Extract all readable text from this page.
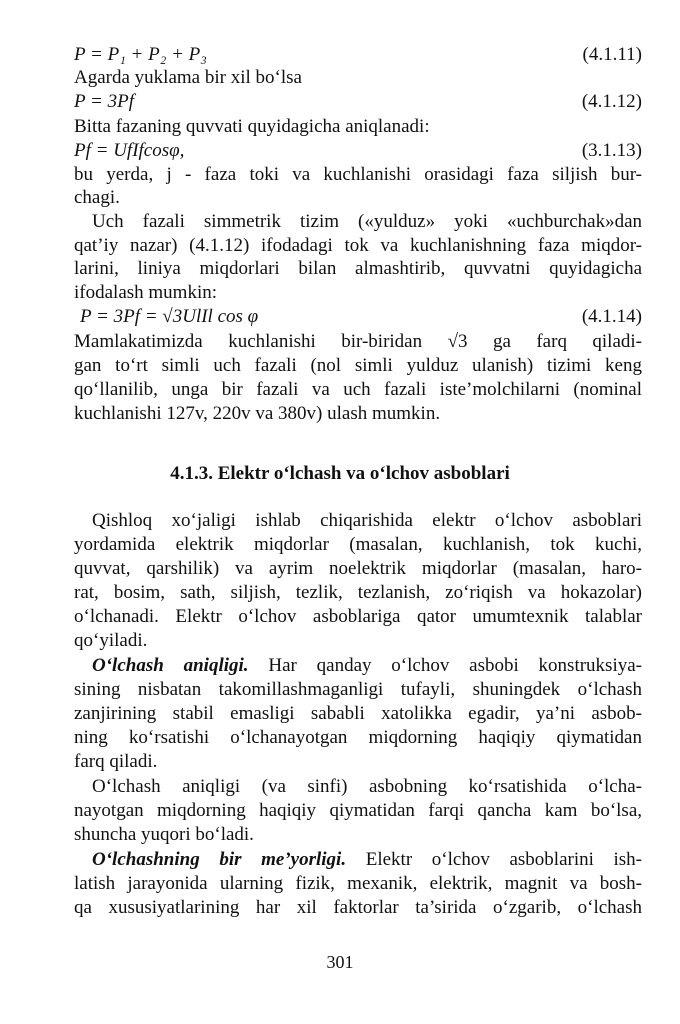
P = P₁ + P₂ + P₃	(4.1.11)
Agarda yuklama bir xil bo‘lsa
P = 3Pf	(4.1.12)
Bitta fazaning quvvati quyidagicha aniqlanadi:
Pf = UfIfcosφ,	(3.1.13)
bu yerda, j - faza toki va kuchlanishi orasidagi faza siljish bur-
chagi.
Uch fazali simmetrik tizim («yulduz» yoki «uchburchak»dan
qat’iy nazar) (4.1.12) ifodadagi tok va kuchlanishning faza miqdor-
larini, liniya miqdorlari bilan almashtirib, quvvatni quyidagicha
ifodalash mumkin:
P = 3Pf = √3UlIl cos φ	(4.1.14)
Mamlakatimizda kuchlanishi bir-biridan √3 ga farq qiladi-
gan to‘rt simli uch fazali (nol simli yulduz ulanish) tizimi keng
qo‘llanilib, unga bir fazali va uch fazali iste’molchilarni (nominal
kuchlanishi 127v, 220v va 380v) ulash mumkin.
4.1.3. Elektr o‘lchash va o‘lchov asboblari
Qishloq xo‘jaligi ishlab chiqarishida elektr o‘lchov asboblari
yordamida elektrik miqdorlar (masalan, kuchlanish, tok kuchi,
quvvat, qarshilik) va ayrim noelektrik miqdorlar (masalan, haro-
rat, bosim, sath, siljish, tezlik, tezlanish, zo‘riqish va hokazolar)
o‘lchanadi. Elektr o‘lchov asboblariga qator umumtexnik talablar
qo‘yiladi.
O‘lchash aniqligi. Har qanday o‘lchov asbobi konstruksiya-
sining nisbatan takomillashmaganligi tufayli, shuningdek o‘lchash
zanjirining stabil emasligi sababli xatolikka egadir, ya’ni asbob-
ning ko‘rsatishi o‘lchanayotgan miqdorning haqiqiy qiymatidan
farq qiladi.
O‘lchash aniqligi (va sinfi) asbobning ko‘rsatishida o‘lcha-
nayotgan miqdorning haqiqiy qiymatidan farqi qancha kam bo‘lsa,
shuncha yuqori bo‘ladi.
O‘lchashning bir me’yorligi. Elektr o‘lchov asboblarini ish-
latish jarayonida ularning fizik, mexanik, elektrik, magnit va bosh-
qa xususiyatlarining har xil faktorlar ta’sirida o‘zgarib, o‘lchash
301
